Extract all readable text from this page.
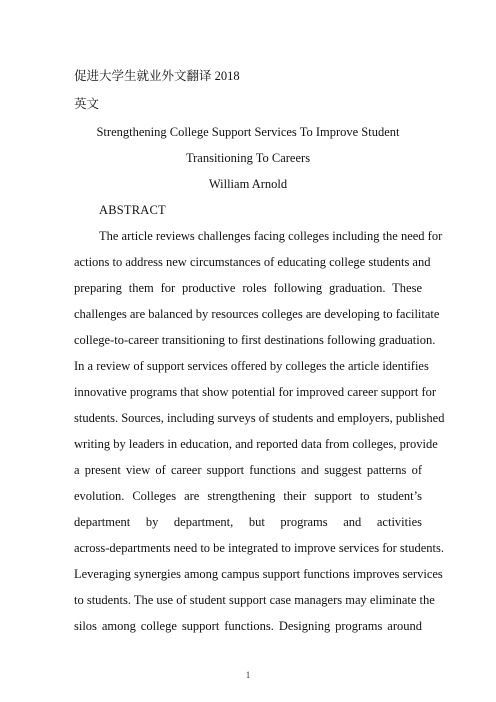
促进大学生就业外文翻译 2018
英文
Strengthening College Support Services To Improve Student
Transitioning To Careers
William Arnold
ABSTRACT
The article reviews challenges facing colleges including the need for
actions to address new circumstances of educating college students and
preparing them for productive roles following graduation. These
challenges are balanced by resources colleges are developing to facilitate
college-to-career transitioning to first destinations following graduation.
In a review of support services offered by colleges the article identifies
innovative programs that show potential for improved career support for
students. Sources, including surveys of students and employers, published
writing by leaders in education, and reported data from colleges, provide
a present view of career support functions and suggest patterns of
evolution. Colleges are strengthening their support to student’s
department by department, but programs and activities
across-departments need to be integrated to improve services for students.
Leveraging synergies among campus support functions improves services
to students. The use of student support case managers may eliminate the
silos among college support functions. Designing programs around
1
